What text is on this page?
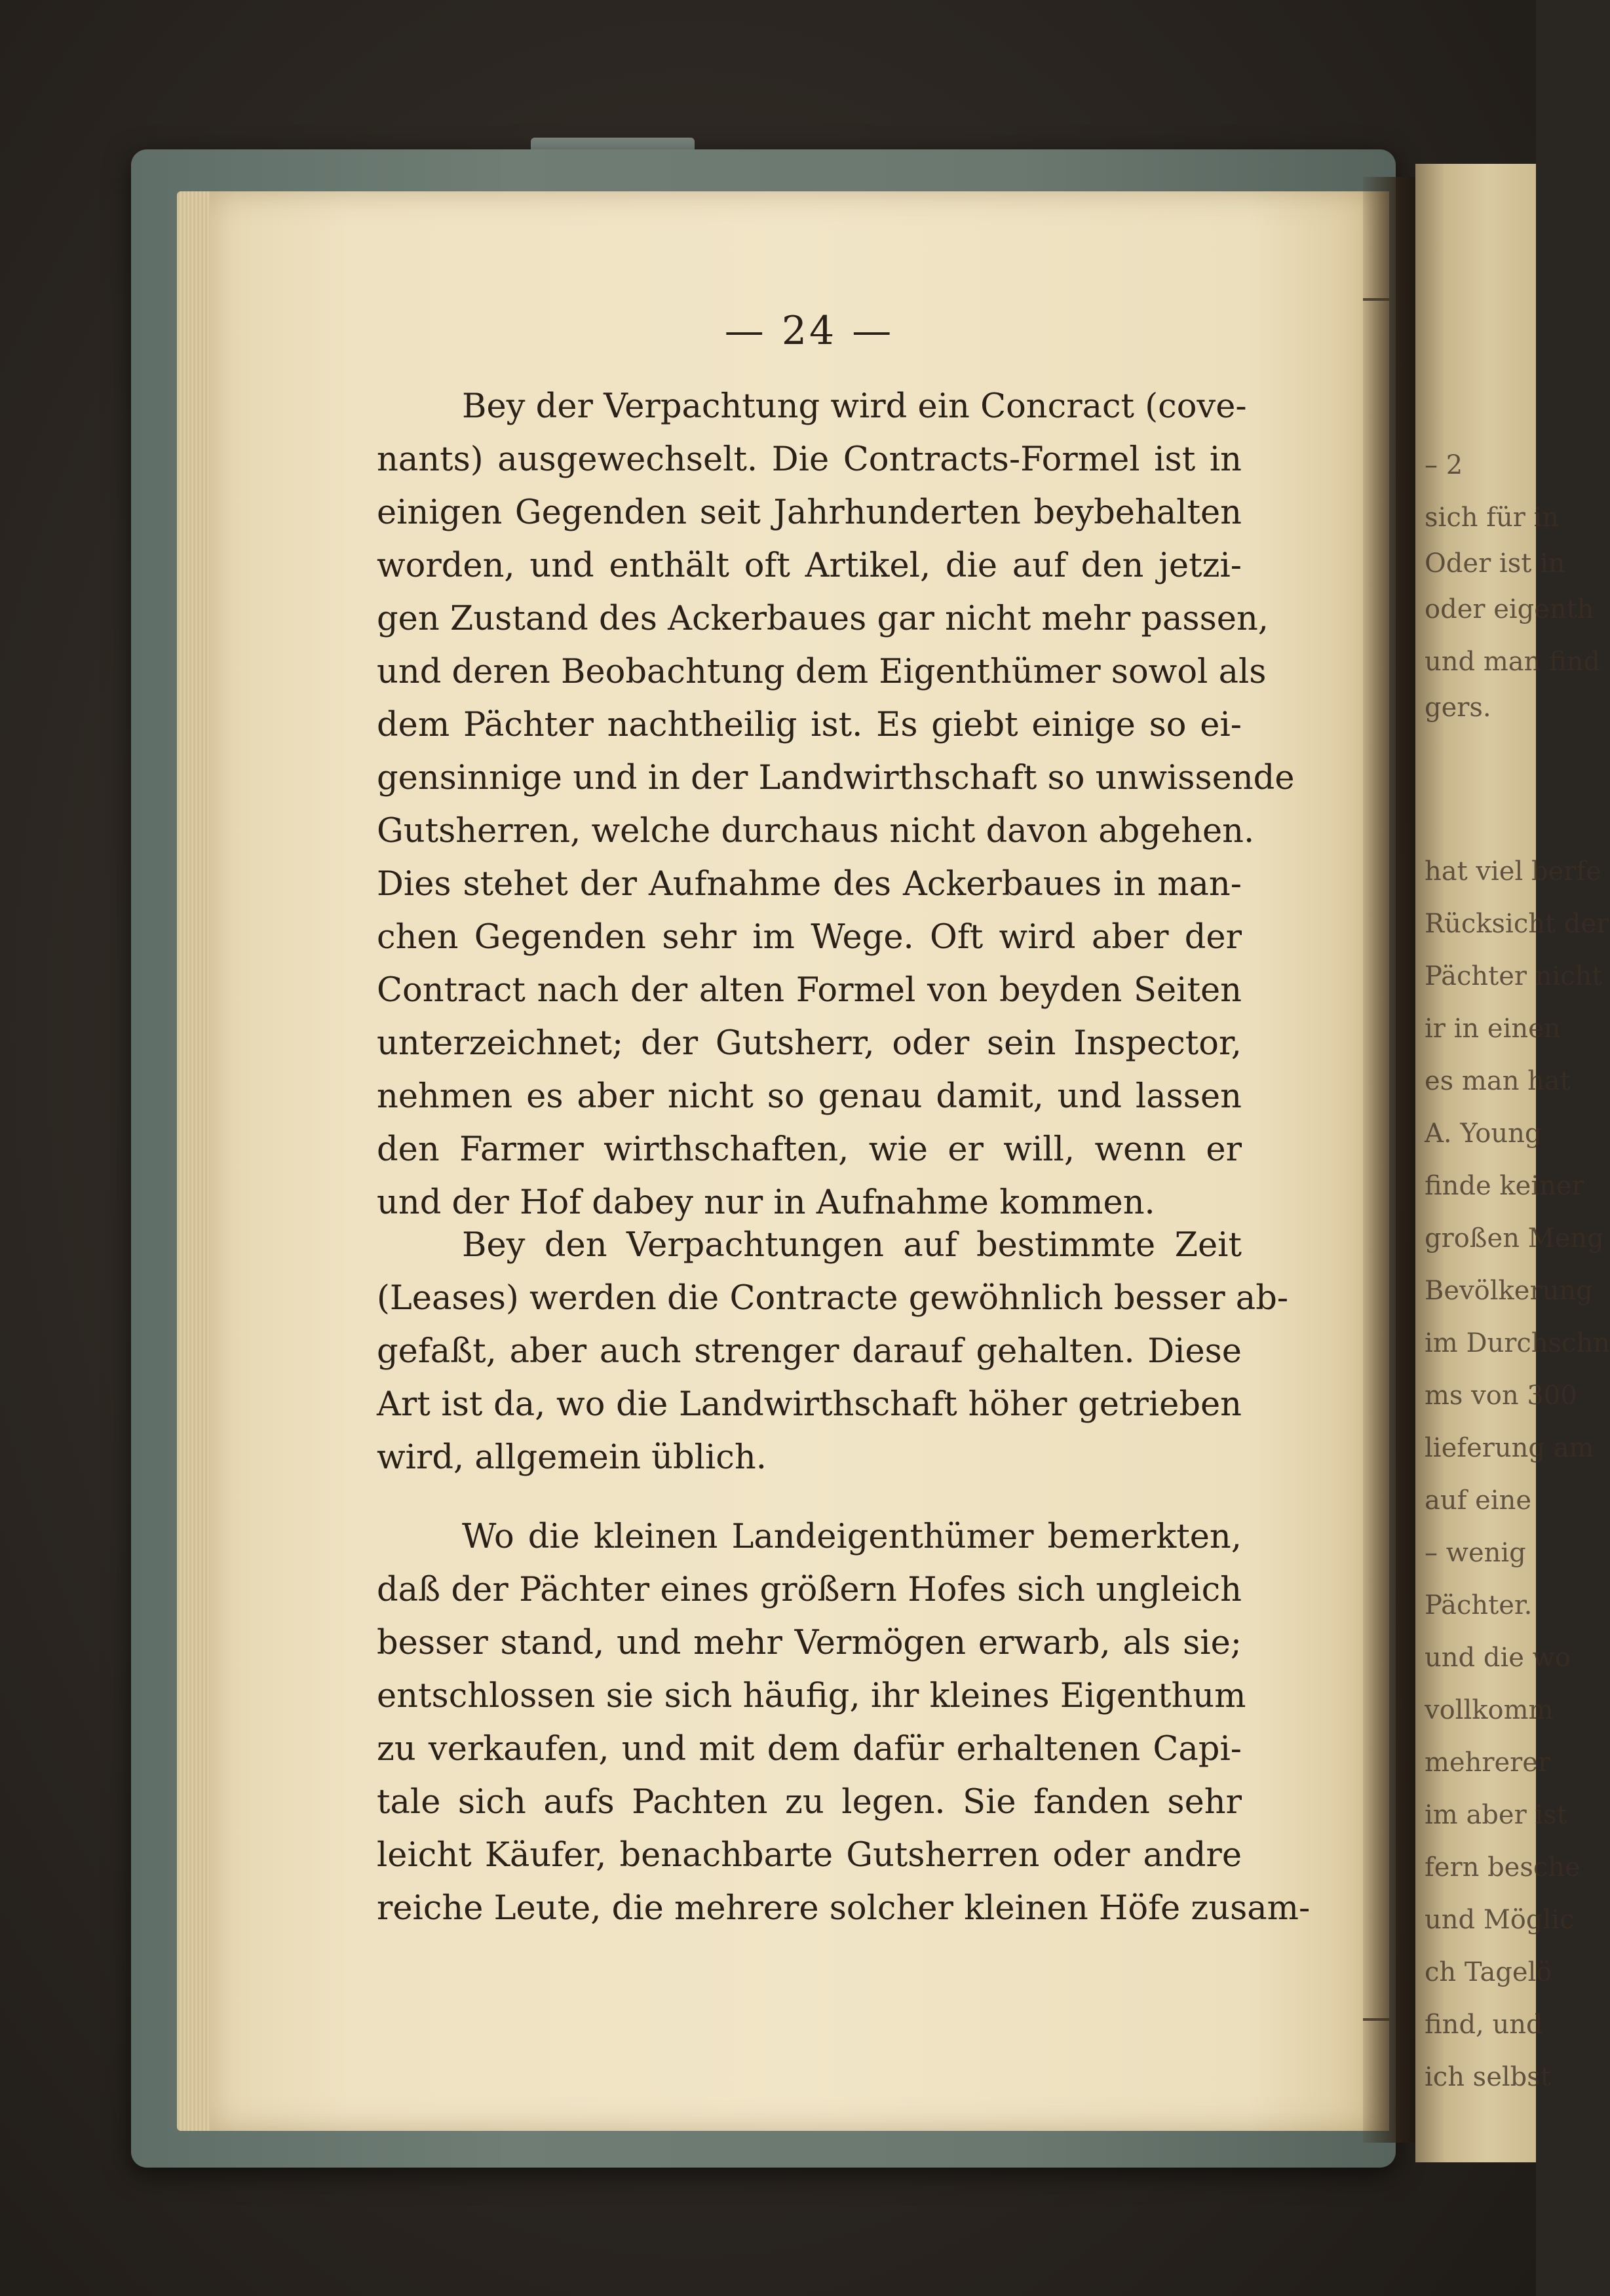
— 24 —
Bey der Verpachtung wird ein Concract (cove-
nants) ausgewechselt. Die Contracts-Formel ist in
einigen Gegenden seit Jahrhunderten beybehalten
worden, und enthält oft Artikel, die auf den jetzi-
gen Zustand des Ackerbaues gar nicht mehr passen,
und deren Beobachtung dem Eigenthümer sowol als
dem Pächter nachtheilig ist. Es giebt einige so ei-
gensinnige und in der Landwirthschaft so unwissende
Gutsherren, welche durchaus nicht davon abgehen.
Dies stehet der Aufnahme des Ackerbaues in man-
chen Gegenden sehr im Wege. Oft wird aber der
Contract nach der alten Formel von beyden Seiten
unterzeichnet; der Gutsherr, oder sein Inspector,
nehmen es aber nicht so genau damit, und lassen
den Farmer wirthschaften, wie er will, wenn er
und der Hof dabey nur in Aufnahme kommen.
Bey den Verpachtungen auf bestimmte Zeit
(Leases) werden die Contracte gewöhnlich besser ab-
gefaßt, aber auch strenger darauf gehalten. Diese
Art ist da, wo die Landwirthschaft höher getrieben
wird, allgemein üblich.
Wo die kleinen Landeigenthümer bemerkten,
daß der Pächter eines größern Hofes sich ungleich
besser stand, und mehr Vermögen erwarb, als sie;
entschlossen sie sich häufig, ihr kleines Eigenthum
zu verkaufen, und mit dem dafür erhaltenen Capi-
tale sich aufs Pachten zu legen. Sie fanden sehr
leicht Käufer, benachbarte Gutsherren oder andre
reiche Leute, die mehrere solcher kleinen Höfe zusam-
– 2
sich für in
Oder ist in
oder eigenth
und man find
gers.
hat viel berfe
Rücksicht der
Pächter nicht
ir in einen
es man hat
A. Young
finde keiner
großen Meng
Bevölkerung
im Durchschn
ms von 300
lieferung am
auf eine
– wenig
Pächter.
und die wo
vollkomm
mehrerer
im aber ist
fern besche
und Möglic
ch Tagelö
find, und
ich selbst
